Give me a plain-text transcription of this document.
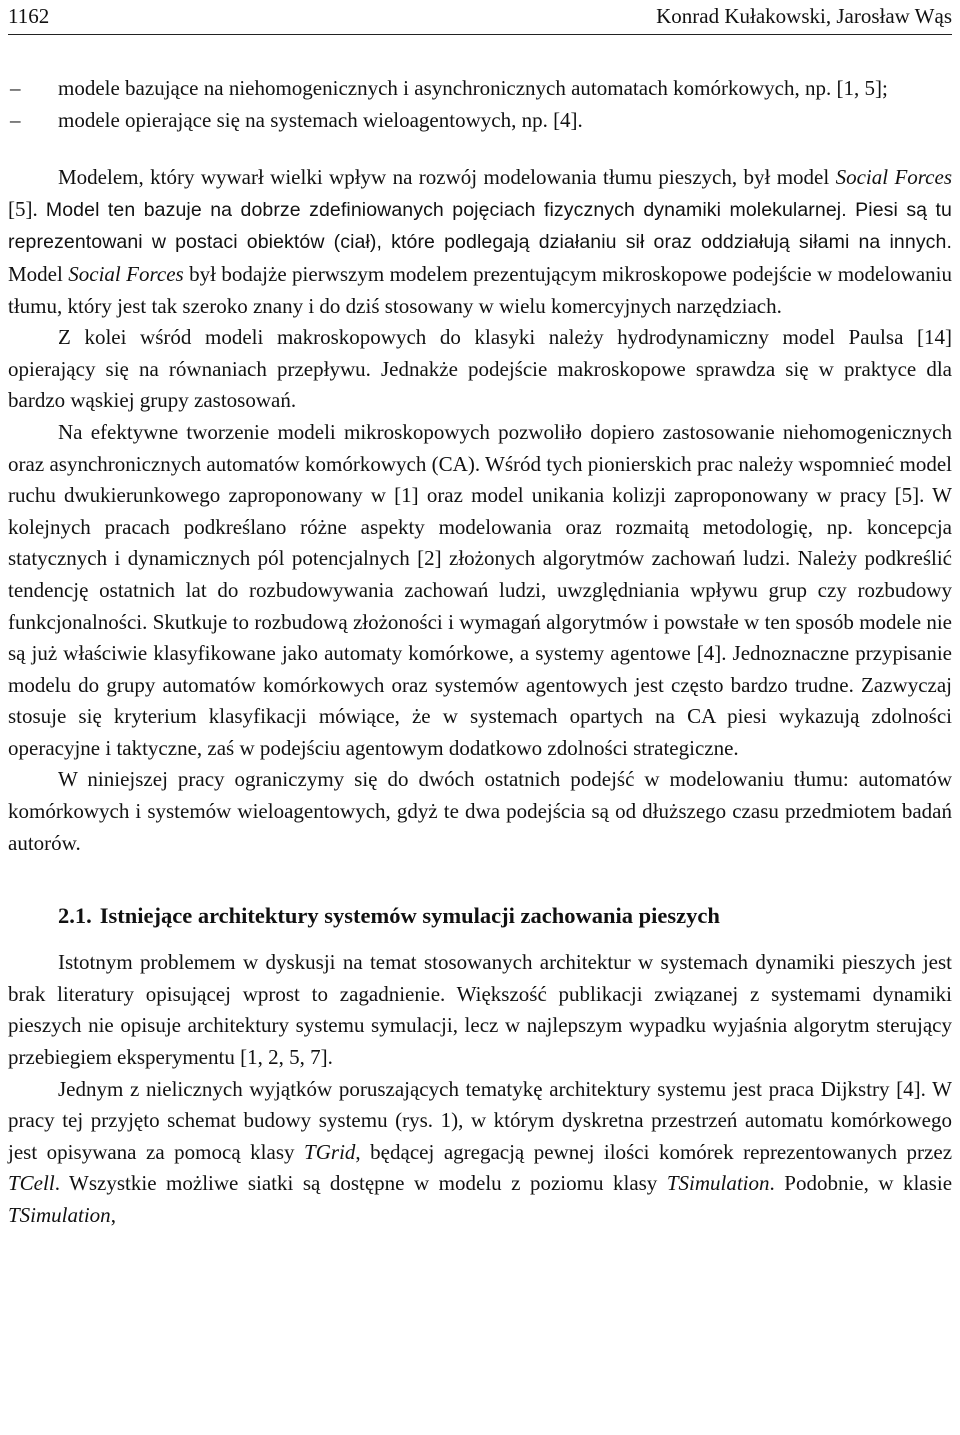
1162	Konrad Kułakowski, Jarosław Wąs
– modele bazujące na niehomogenicznych i asynchronicznych automatach komórkowych, np. [1, 5];
– modele opierające się na systemach wieloagentowych, np. [4].

Modelem, który wywarł wielki wpływ na rozwój modelowania tłumu pieszych, był model Social Forces [5]. Model ten bazuje na dobrze zdefiniowanych pojęciach fizycznych dynamiki molekularnej. Piesi są tu reprezentowani w postaci obiektów (ciał), które podlegają działaniu sił oraz oddziałują siłami na innych. Model Social Forces był bodajże pierwszym modelem prezentującym mikroskopowe podejście w modelowaniu tłumu, który jest tak szeroko znany i do dziś stosowany w wielu komercyjnych narzędziach.

Z kolei wśród modeli makroskopowych do klasyki należy hydrodynamiczny model Paulsa [14] opierający się na równaniach przepływu. Jednakże podejście makroskopowe sprawdza się w praktyce dla bardzo wąskiej grupy zastosowań.

Na efektywne tworzenie modeli mikroskopowych pozwoliło dopiero zastosowanie niehomogenicznych oraz asynchronicznych automatów komórkowych (CA). Wśród tych pionierskich prac należy wspomnieć model ruchu dwukierunkowego zaproponowany w [1] oraz model unikania kolizji zaproponowany w pracy [5]. W kolejnych pracach podkreślano różne aspekty modelowania oraz rozmaitą metodologię, np. koncepcja statycznych i dynamicznych pól potencjalnych [2] złożonych algorytmów zachowań ludzi. Należy podkreślić tendencję ostatnich lat do rozbudowywania zachowań ludzi, uwzględniania wpływu grup czy rozbudowy funkcjonalności. Skutkuje to rozbudową złożoności i wymagań algorytmów i powstałe w ten sposób modele nie są już właściwie klasyfikowane jako automaty komórkowe, a systemy agentowe [4]. Jednoznaczne przypisanie modelu do grupy automatów komórkowych oraz systemów agentowych jest często bardzo trudne. Zazwyczaj stosuje się kryterium klasyfikacji mówiące, że w systemach opartych na CA piesi wykazują zdolności operacyjne i taktyczne, zaś w podejściu agentowym dodatkowo zdolności strategiczne.

W niniejszej pracy ograniczymy się do dwóch ostatnich podejść w modelowaniu tłumu: automatów komórkowych i systemów wieloagentowych, gdyż te dwa podejścia są od dłuższego czasu przedmiotem badań autorów.

2.1. Istniejące architektury systemów symulacji zachowania pieszych

Istotnym problemem w dyskusji na temat stosowanych architektur w systemach dynamiki pieszych jest brak literatury opisującej wprost to zagadnienie. Większość publikacji związanej z systemami dynamiki pieszych nie opisuje architektury systemu symulacji, lecz w najlepszym wypadku wyjaśnia algorytm sterujący przebiegiem eksperymentu [1, 2, 5, 7].

Jednym z nielicznych wyjątków poruszających tematykę architektury systemu jest praca Dijkstry [4]. W pracy tej przyjęto schemat budowy systemu (rys. 1), w którym dyskretna przestrzeń automatu komórkowego jest opisywana za pomocą klasy TGrid, będącej agregacją pewnej ilości komórek reprezentowanych przez TCell. Wszystkie możliwe siatki są dostępne w modelu z poziomu klasy TSimulation. Podobnie, w klasie TSimulation,
